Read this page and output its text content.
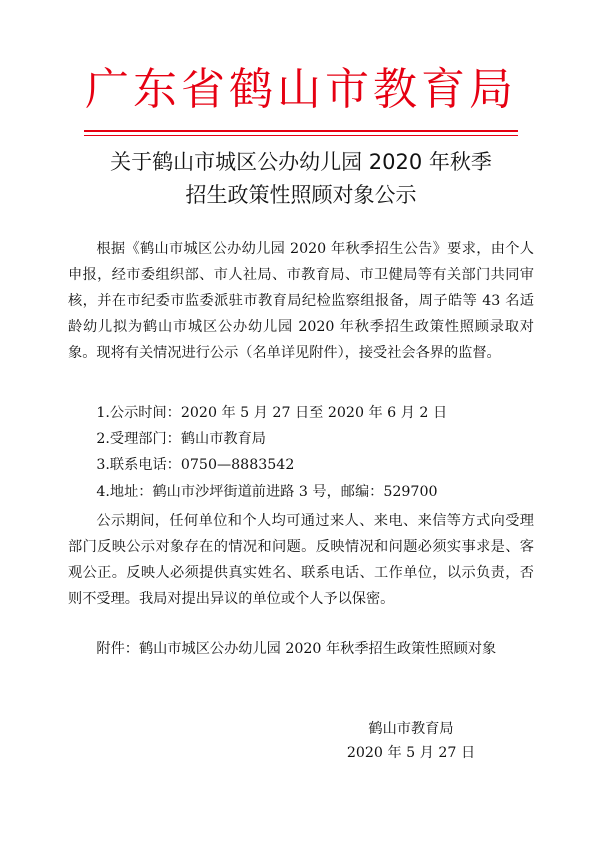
广东省鹤山市教育局
关于鹤山市城区公办幼儿园 2020 年秋季
招生政策性照顾对象公示
根据《鹤山市城区公办幼儿园 2020 年秋季招生公告》要求，由个人申报，经市委组织部、市人社局、市教育局、市卫健局等有关部门共同审核，并在市纪委市监委派驻市教育局纪检监察组报备，周子皓等 43 名适龄幼儿拟为鹤山市城区公办幼儿园 2020 年秋季招生政策性照顾录取对象。现将有关情况进行公示（名单详见附件），接受社会各界的监督。
1.公示时间：2020 年 5 月 27 日至 2020 年 6 月 2 日
2.受理部门：鹤山市教育局
3.联系电话：0750—8883542
4.地址：鹤山市沙坪街道前进路 3 号，邮编：529700
公示期间，任何单位和个人均可通过来人、来电、来信等方式向受理部门反映公示对象存在的情况和问题。反映情况和问题必须实事求是、客观公正。反映人必须提供真实姓名、联系电话、工作单位，以示负责，否则不受理。我局对提出异议的单位或个人予以保密。
附件：鹤山市城区公办幼儿园 2020 年秋季招生政策性照顾对象
鹤山市教育局
2020 年 5 月 27 日
